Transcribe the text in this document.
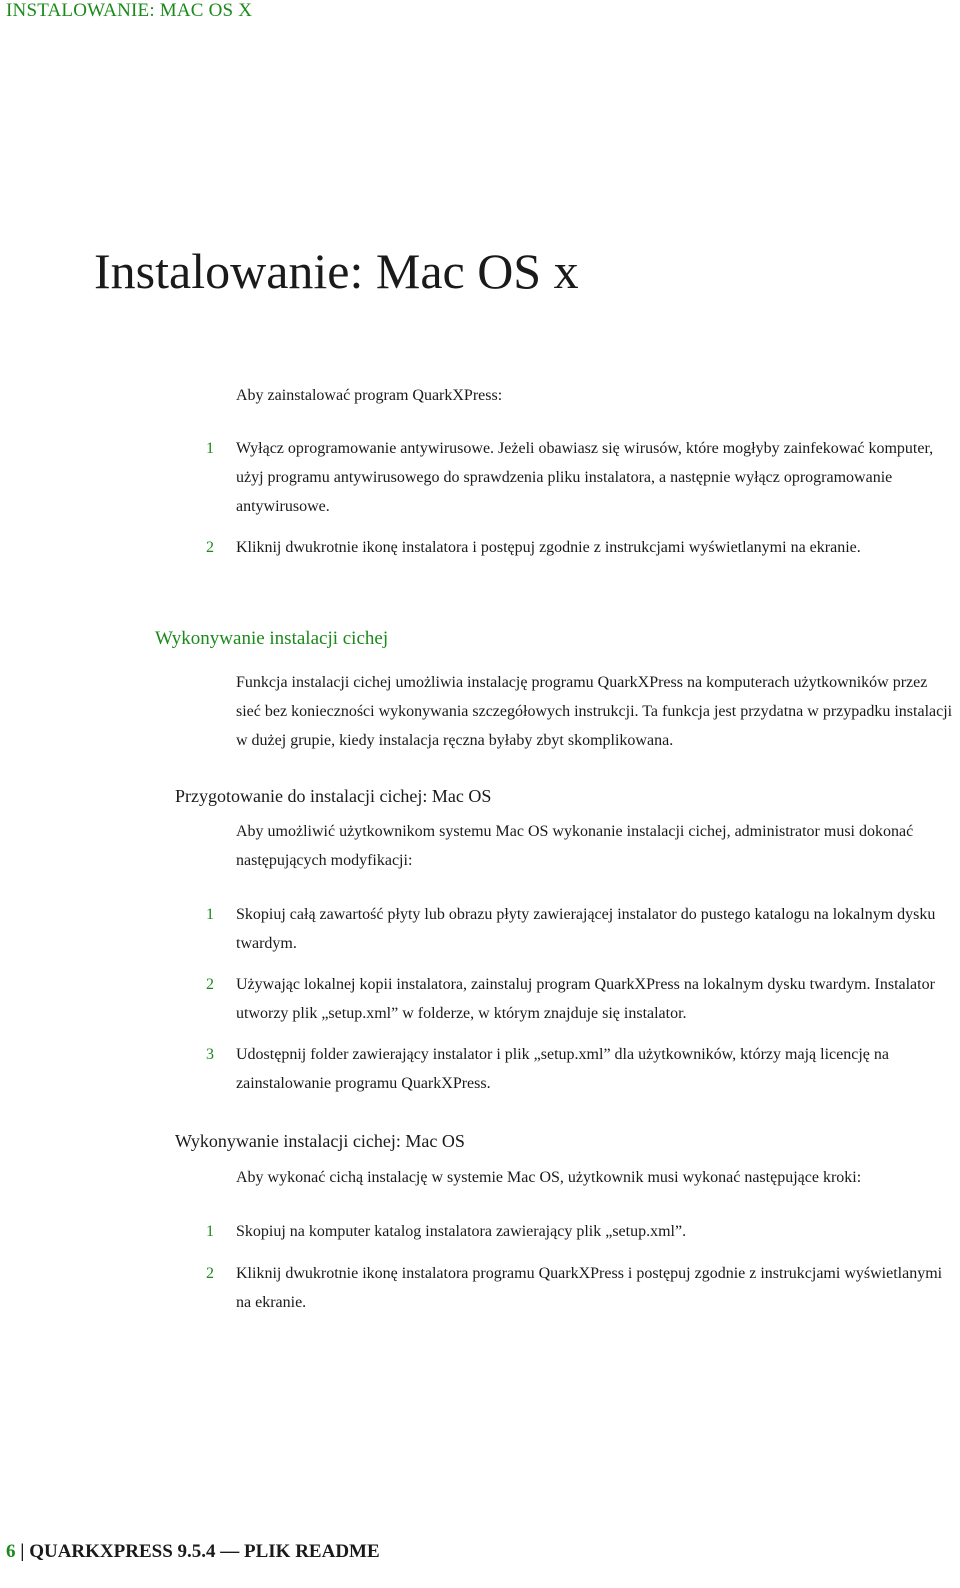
INSTALOWANIE: MAC OS X
Instalowanie: Mac OS x

Aby zainstalować program QuarkXPress:

1	Wyłącz oprogramowanie antywirusowe. Jeżeli obawiasz się wirusów, które mogłyby zainfekować komputer, użyj programu antywirusowego do sprawdzenia pliku instalatora, a następnie wyłącz oprogramowanie antywirusowe.
2	Kliknij dwukrotnie ikonę instalatora i postępuj zgodnie z instrukcjami wyświetlanymi na ekranie.
Wykonywanie instalacji cichej

Funkcja instalacji cichej umożliwia instalację programu QuarkXPress na komputerach użytkowników przez sieć bez konieczności wykonywania szczegółowych instrukcji. Ta funkcja jest przydatna w przypadku instalacji w dużej grupie, kiedy instalacja ręczna byłaby zbyt skomplikowana.

Przygotowanie do instalacji cichej: Mac OS

Aby umożliwić użytkownikom systemu Mac OS wykonanie instalacji cichej, administrator musi dokonać następujących modyfikacji:

1	Skopiuj całą zawartość płyty lub obrazu płyty zawierającej instalator do pustego katalogu na lokalnym dysku twardym.
2	Używając lokalnej kopii instalatora, zainstaluj program QuarkXPress na lokalnym dysku twardym. Instalator utworzy plik „setup.xml” w folderze, w którym znajduje się instalator.
3	Udostępnij folder zawierający instalator i plik „setup.xml” dla użytkowników, którzy mają licencję na zainstalowanie programu QuarkXPress.
Wykonywanie instalacji cichej: Mac OS

Aby wykonać cichą instalację w systemie Mac OS, użytkownik musi wykonać następujące kroki:

1	Skopiuj na komputer katalog instalatora zawierający plik „setup.xml”.
2	Kliknij dwukrotnie ikonę instalatora programu QuarkXPress i postępuj zgodnie z instrukcjami wyświetlanymi na ekranie.
6 | QUARKXPRESS 9.5.4 — PLIK README
